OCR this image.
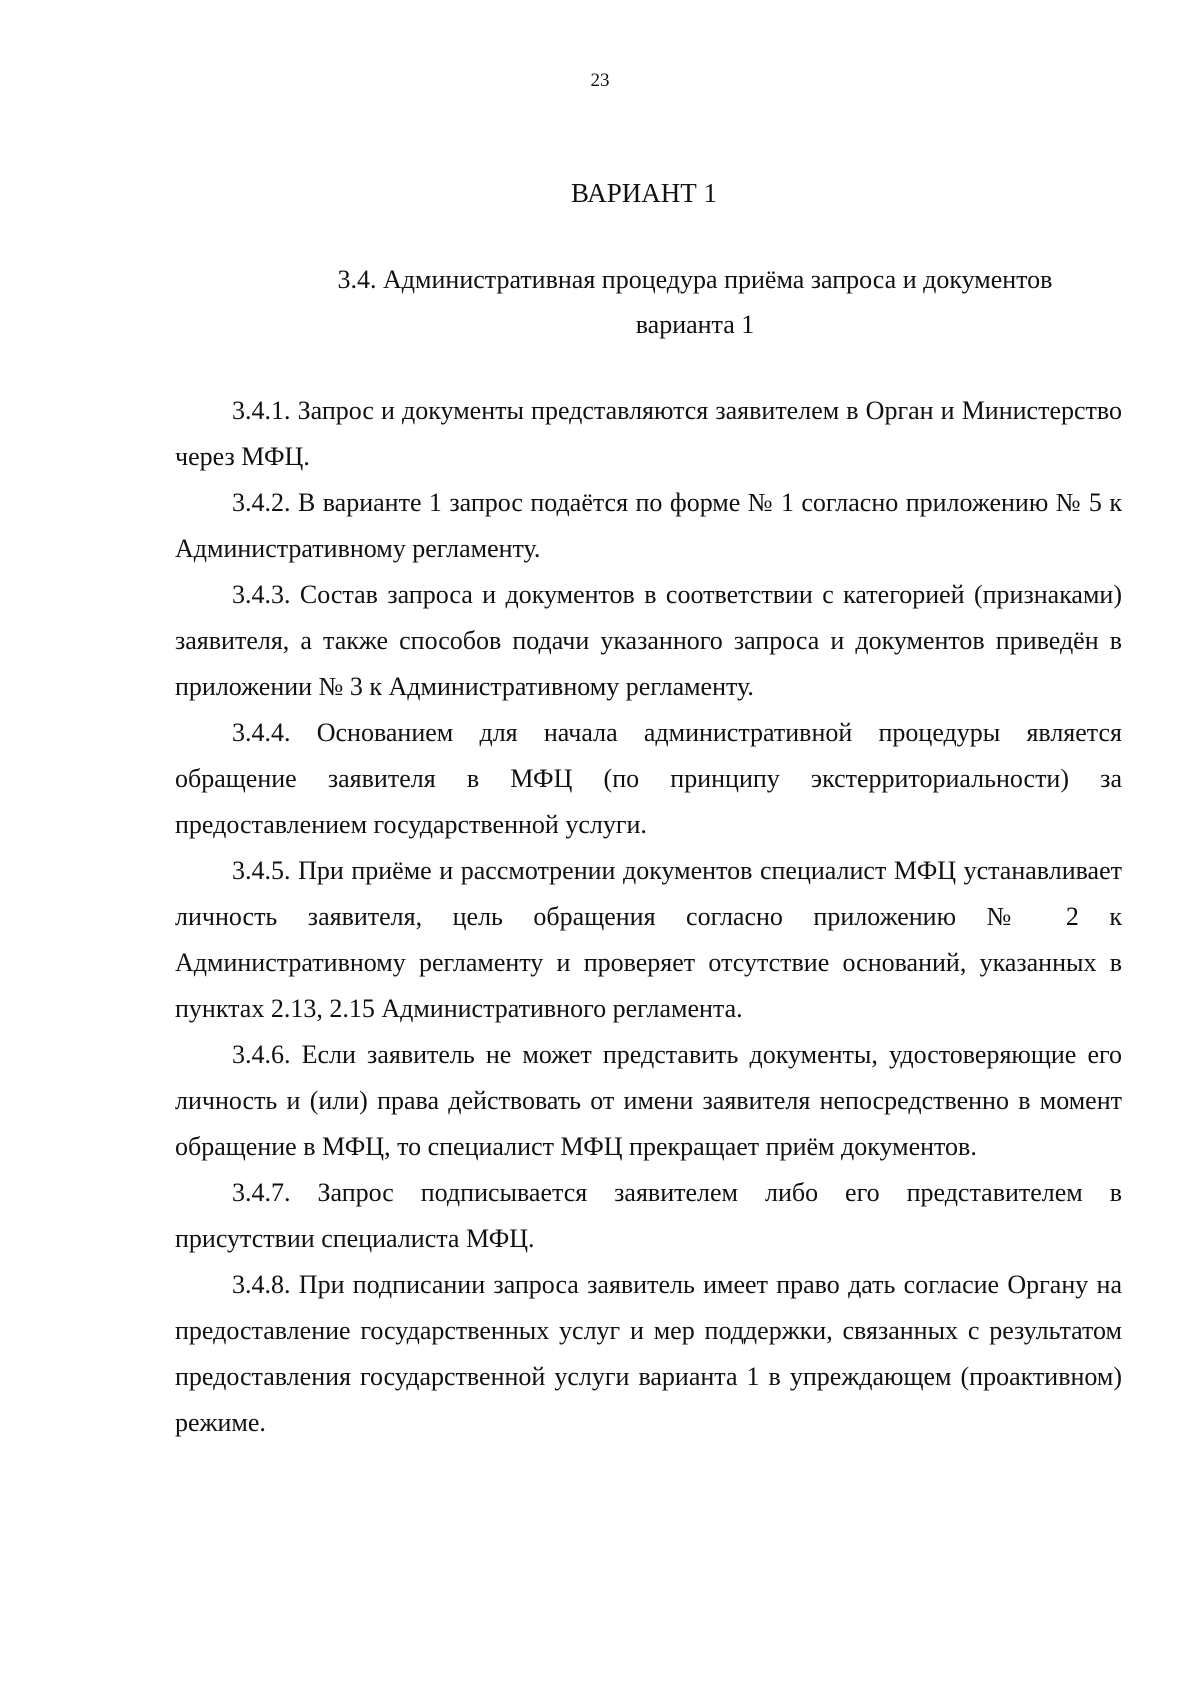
23
ВАРИАНТ 1
3.4. Административная процедура приёма запроса и документов
варианта 1

3.4.1. Запрос и документы представляются заявителем в Орган и Министерство через МФЦ.

3.4.2. В варианте 1 запрос подаётся по форме № 1 согласно приложению № 5 к Административному регламенту.

3.4.3. Состав запроса и документов в соответствии с категорией (признаками) заявителя, а также способов подачи указанного запроса и документов приведён в приложении № 3 к Административному регламенту.

3.4.4. Основанием для начала административной процедуры является обращение заявителя в МФЦ (по принципу экстерриториальности) за предоставлением государственной услуги.

3.4.5. При приёме и рассмотрении документов специалист МФЦ устанавливает личность заявителя, цель обращения согласно приложению № 2 к Административному регламенту и проверяет отсутствие оснований, указанных в пунктах 2.13, 2.15 Административного регламента.

3.4.6. Если заявитель не может представить документы, удостоверяющие его личность и (или) права действовать от имени заявителя непосредственно в момент обращение в МФЦ, то специалист МФЦ прекращает приём документов.

3.4.7. Запрос подписывается заявителем либо его представителем в присутствии специалиста МФЦ.

3.4.8. При подписании запроса заявитель имеет право дать согласие Органу на предоставление государственных услуг и мер поддержки, связанных с результатом предоставления государственной услуги варианта 1 в упреждающем (проактивном) режиме.
